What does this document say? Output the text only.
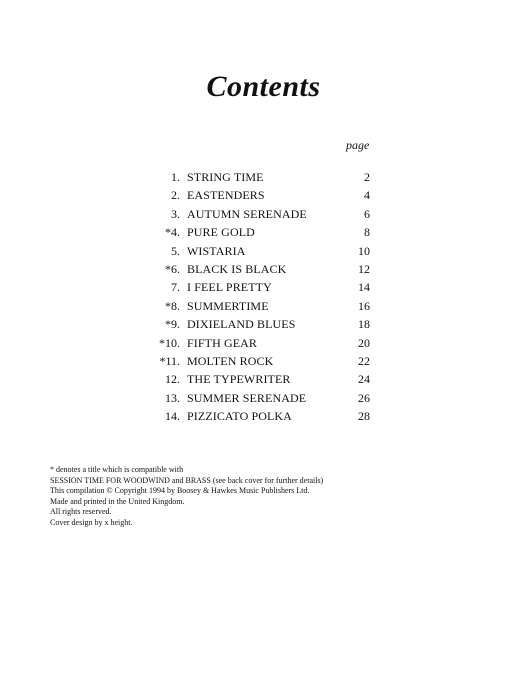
Contents
page
1. STRING TIME	2
2. EASTENDERS	4
3. AUTUMN SERENADE	6
*4. PURE GOLD	8
5. WISTARIA	10
*6. BLACK IS BLACK	12
7. I FEEL PRETTY	14
*8. SUMMERTIME	16
*9. DIXIELAND BLUES	18
*10. FIFTH GEAR	20
*11. MOLTEN ROCK	22
12. THE TYPEWRITER	24
13. SUMMER SERENADE	26
14. PIZZICATO POLKA	28
* denotes a title which is compatible with
SESSION TIME FOR WOODWIND and BRASS (see back cover for further details)
This compilation © Copyright 1994 by Boosey & Hawkes Music Publishers Ltd.
Made and printed in the United Kingdom.
All rights reserved.
Cover design by x height.
